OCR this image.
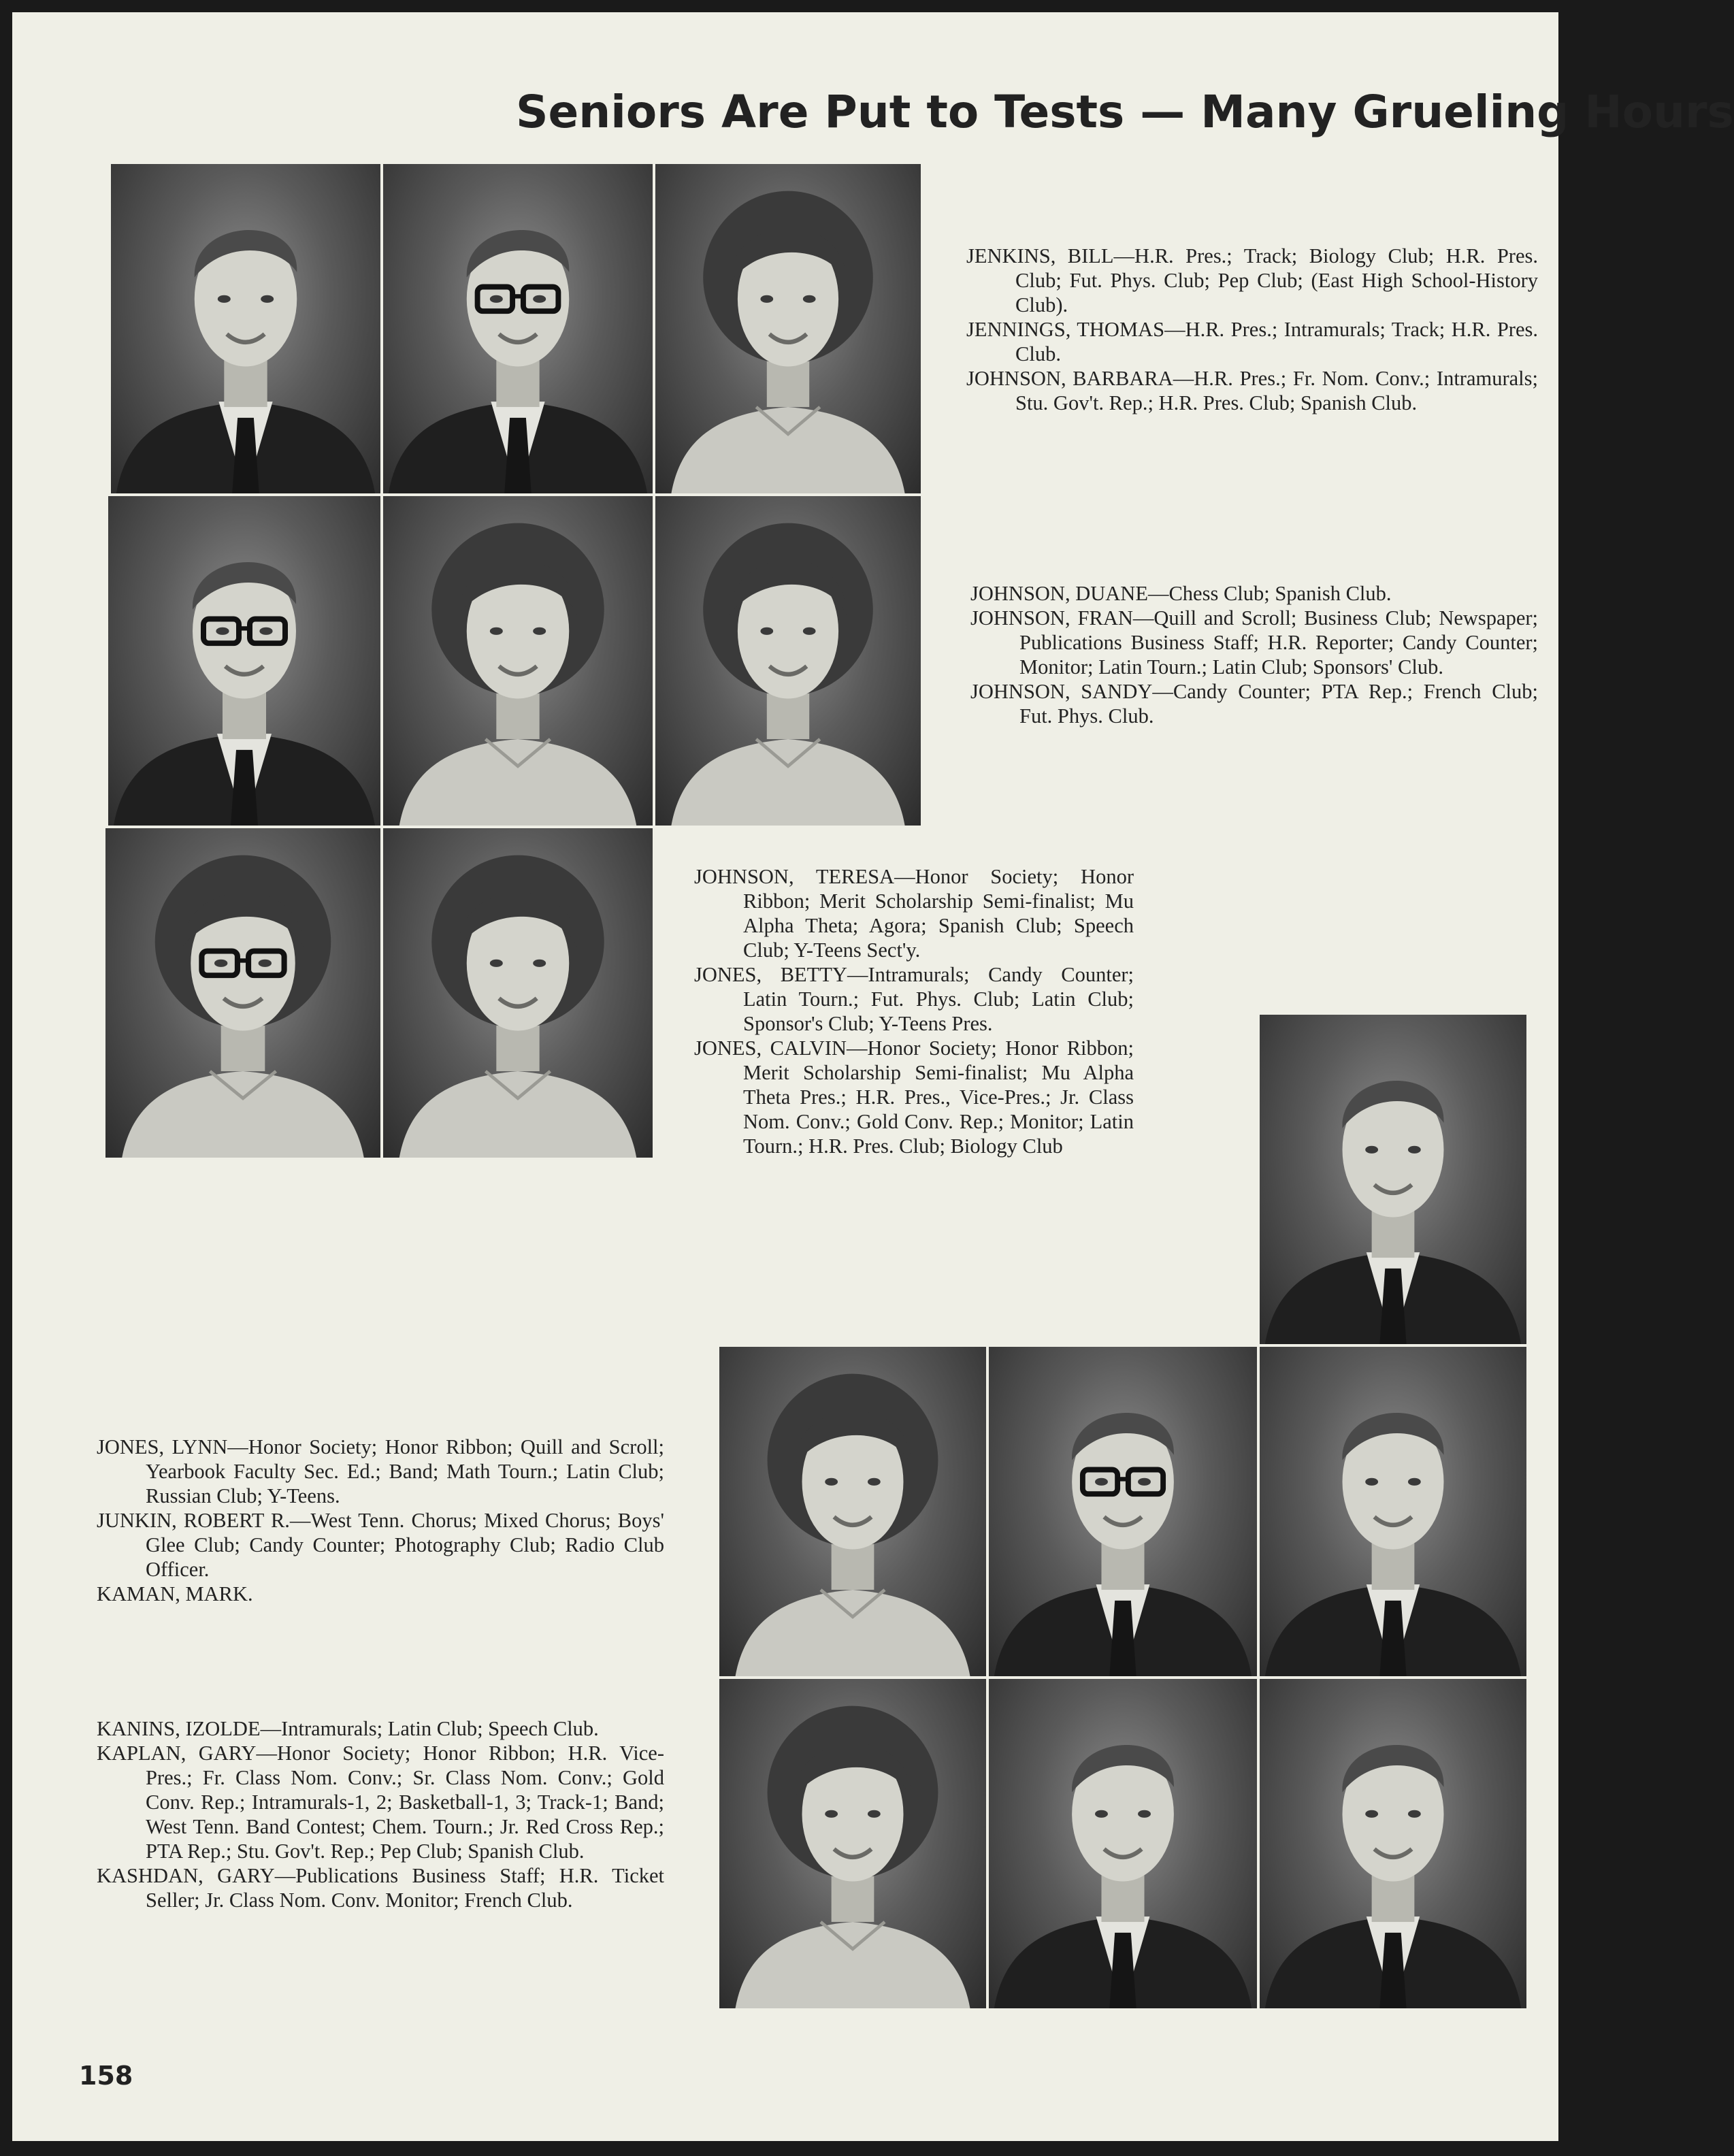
Seniors Are Put to Tests — Many Grueling Hours

JENKINS, BILL—H.R. Pres.; Track; Biology Club; H.R. Pres. Club; Fut. Phys. Club; Pep Club; (East High School-History Club).

JENNINGS, THOMAS—H.R. Pres.; Intramurals; Track; H.R. Pres. Club.

JOHNSON, BARBARA—H.R. Pres.; Fr. Nom. Conv.; Intramurals; Stu. Gov't. Rep.; H.R. Pres. Club; Spanish Club.

JOHNSON, DUANE—Chess Club; Spanish Club.

JOHNSON, FRAN—Quill and Scroll; Business Club; Newspaper; Publications Business Staff; H.R. Reporter; Candy Counter; Monitor; Latin Tourn.; Latin Club; Sponsors' Club.

JOHNSON, SANDY—Candy Counter; PTA Rep.; French Club; Fut. Phys. Club.

JOHNSON, TERESA—Honor Society; Honor Ribbon; Merit Scholarship Semi-finalist; Mu Alpha Theta; Agora; Spanish Club; Speech Club; Y-Teens Sect'y.

JONES, BETTY—Intramurals; Candy Counter; Latin Tourn.; Fut. Phys. Club; Latin Club; Sponsor's Club; Y-Teens Pres.

JONES, CALVIN—Honor Society; Honor Ribbon; Merit Scholarship Semi-finalist; Mu Alpha Theta Pres.; H.R. Pres., Vice-Pres.; Jr. Class Nom. Conv.; Gold Conv. Rep.; Monitor; Latin Tourn.; H.R. Pres. Club; Biology Club

JONES, LYNN—Honor Society; Honor Ribbon; Quill and Scroll; Yearbook Faculty Sec. Ed.; Band; Math Tourn.; Latin Club; Russian Club; Y-Teens.

JUNKIN, ROBERT R.—West Tenn. Chorus; Mixed Chorus; Boys' Glee Club; Candy Counter; Photography Club; Radio Club Officer.

KAMAN, MARK.

KANINS, IZOLDE—Intramurals; Latin Club; Speech Club.

KAPLAN, GARY—Honor Society; Honor Ribbon; H.R. Vice-Pres.; Fr. Class Nom. Conv.; Sr. Class Nom. Conv.; Gold Conv. Rep.; Intramurals-1, 2; Basketball-1, 3; Track-1; Band; West Tenn. Band Contest; Chem. Tourn.; Jr. Red Cross Rep.; PTA Rep.; Stu. Gov't. Rep.; Pep Club; Spanish Club.

KASHDAN, GARY—Publications Business Staff; H.R. Ticket Seller; Jr. Class Nom. Conv. Monitor; French Club.

158
